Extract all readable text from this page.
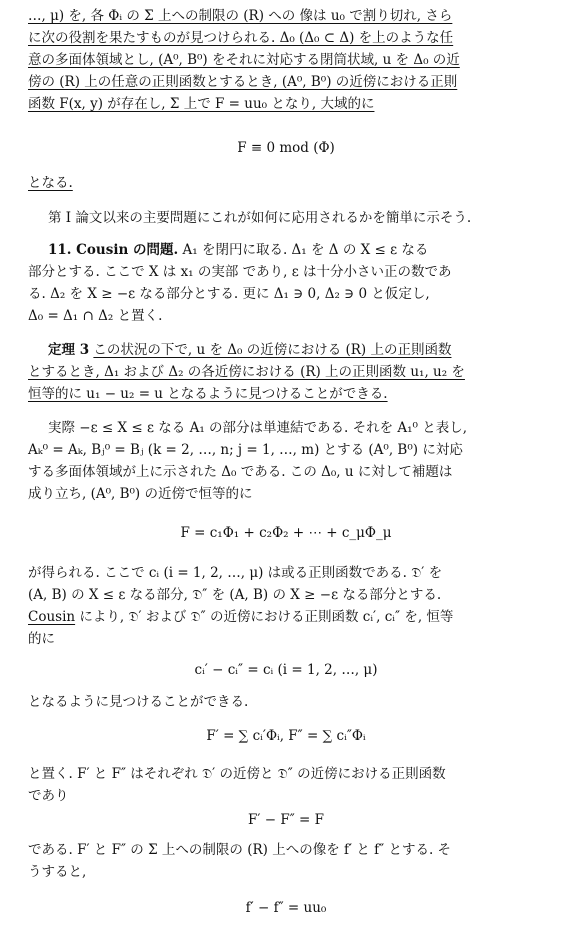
…, μ) を, 各 Φᵢ の Σ 上への制限の (R) への 像は u₀ で割り切れ, さら
に次の役割を果たすものが見つけられる. Δ₀ (Δ₀ ⊂ Δ) を上のような任
意の多面体領域とし, (A⁰, B⁰) をそれに対応する閉筒状域, u を Δ₀ の近
傍の (R) 上の任意の正則函数とするとき, (A⁰, B⁰) の近傍における正則
函数 F(x, y) が存在し, Σ 上で F = uu₀ となり, 大域的に
F ≡ 0 mod (Φ)
となる.
第 I 論文以来の主要問題にこれが如何に応用されるかを簡単に示そう.
11. Cousin の問題. A₁ を閉円に取る. Δ₁ を Δ の X ≤ ε なる
部分とする. ここで X は x₁ の実部 であり, ε は十分小さい正の数であ
る. Δ₂ を X ≥ −ε なる部分とする. 更に Δ₁ ∋ 0, Δ₂ ∋ 0 と仮定し,
Δ₀ = Δ₁ ∩ Δ₂ と置く.
定理 3 この状況の下で, u を Δ₀ の近傍における (R) 上の正則函数
とするとき, Δ₁ および Δ₂ の各近傍における (R) 上の正則函数 u₁, u₂ を
恒等的に u₁ − u₂ = u となるように見つけることができる.
実際 −ε ≤ X ≤ ε なる A₁ の部分は単連結である. それを A₁⁰ と表し,
Aₖ⁰ = Aₖ, Bⱼ⁰ = Bⱼ (k = 2, …, n; j = 1, …, m) とする (A⁰, B⁰) に対応
する多面体領域が上に示された Δ₀ である. この Δ₀, u に対して補題は
成り立ち, (A⁰, B⁰) の近傍で恒等的に
F = c₁Φ₁ + c₂Φ₂ + ⋯ + c_μΦ_μ
が得られる. ここで cᵢ (i = 1, 2, …, μ) は或る正則函数である. 𝔇′ を
(A, B) の X ≤ ε なる部分, 𝔇″ を (A, B) の X ≥ −ε なる部分とする.
Cousin により, 𝔇′ および 𝔇″ の近傍における正則函数 cᵢ′, cᵢ″ を, 恒等
的に
cᵢ′ − cᵢ″ = cᵢ (i = 1, 2, …, μ)
となるように見つけることができる.
F′ = ∑ cᵢ′Φᵢ, F″ = ∑ cᵢ″Φᵢ
と置く. F′ と F″ はそれぞれ 𝔇′ の近傍と 𝔇″ の近傍における正則函数
であり
F′ − F″ = F
である. F′ と F″ の Σ 上への制限の (R) 上への像を f′ と f″ とする. そ
うすると,
f′ − f″ = uu₀
